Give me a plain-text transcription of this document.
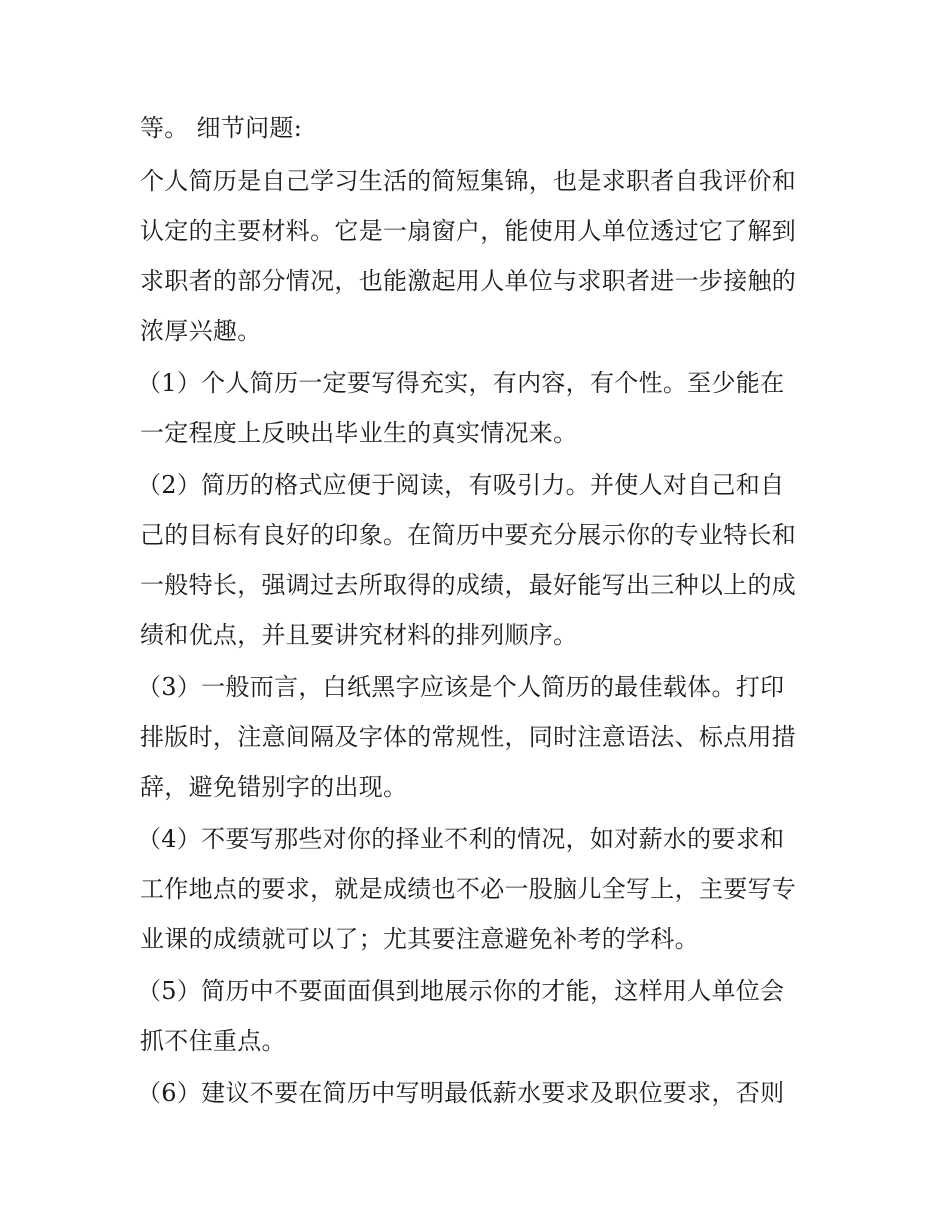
等。 细节问题:
个人简历是自己学习生活的简短集锦，也是求职者自我评价和
认定的主要材料。它是一扇窗户，能使用人单位透过它了解到
求职者的部分情况，也能激起用人单位与求职者进一步接触的
浓厚兴趣。
（1）个人简历一定要写得充实，有内容，有个性。至少能在
一定程度上反映出毕业生的真实情况来。
（2）简历的格式应便于阅读，有吸引力。并使人对自己和自
己的目标有良好的印象。在简历中要充分展示你的专业特长和
一般特长，强调过去所取得的成绩，最好能写出三种以上的成
绩和优点，并且要讲究材料的排列顺序。
（3）一般而言，白纸黑字应该是个人简历的最佳载体。打印
排版时，注意间隔及字体的常规性，同时注意语法、标点用措
辞，避免错别字的出现。
（4）不要写那些对你的择业不利的情况，如对薪水的要求和
工作地点的要求，就是成绩也不必一股脑儿全写上，主要写专
业课的成绩就可以了；尤其要注意避免补考的学科。
（5）简历中不要面面俱到地展示你的才能，这样用人单位会
抓不住重点。
（6）建议不要在简历中写明最低薪水要求及职位要求，否则
